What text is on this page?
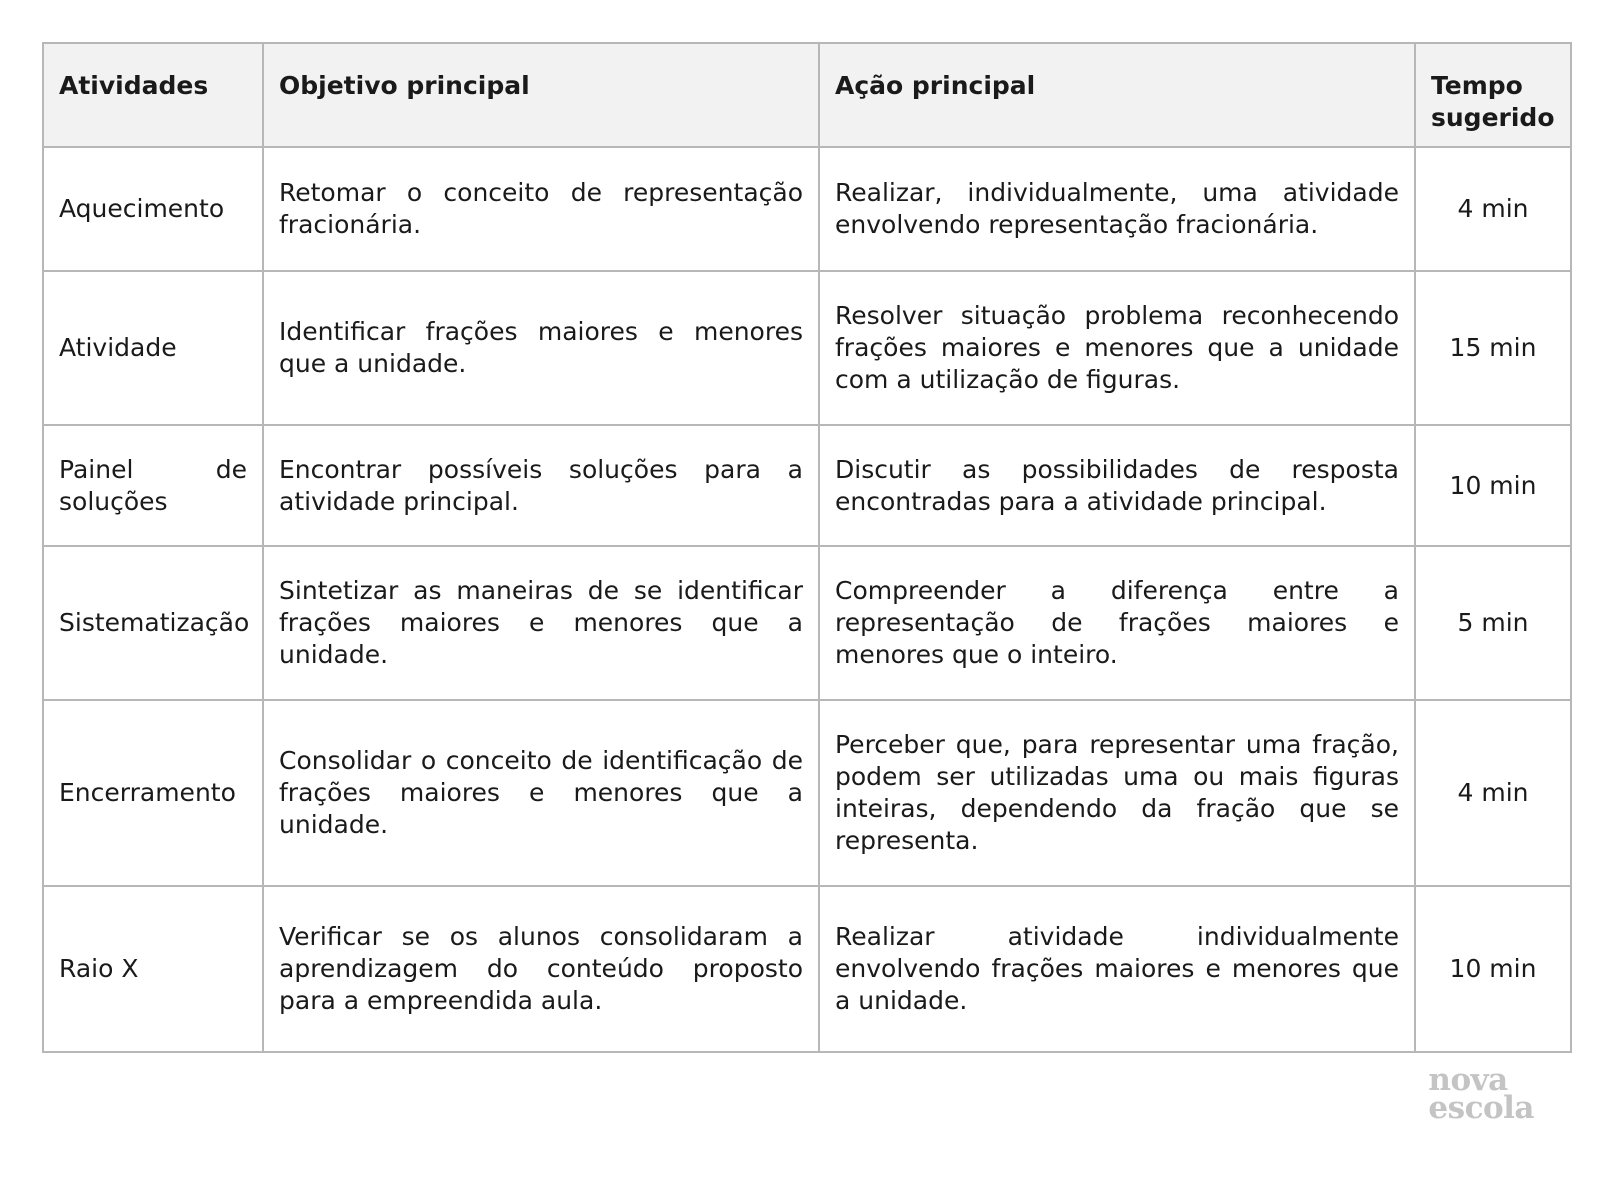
Atividades	Objetivo principal	Ação principal	Tempo sugerido

Aquecimento	Retomar o conceito de representação fracionária.	Realizar, individualmente, uma atividade envolvendo representação fracionária.	4 min

Atividade	Identificar frações maiores e menores que a unidade.	Resolver situação problema reconhecendo frações maiores e menores que a unidade com a utilização de figuras.	15 min

Painel de soluções	Encontrar possíveis soluções para a atividade principal.	Discutir as possibilidades de resposta encontradas para a atividade principal.	10 min

Sistematização	Sintetizar as maneiras de se identificar frações maiores e menores que a unidade.	Compreender a diferença entre a representação de frações maiores e menores que o inteiro.	5 min

Encerramento	Consolidar o conceito de identificação de frações maiores e menores que a unidade.	Perceber que, para representar uma fração, podem ser utilizadas uma ou mais figuras inteiras, dependendo da fração que se representa.	4 min

Raio X	Verificar se os alunos consolidaram a aprendizagem do conteúdo proposto para a empreendida aula.	Realizar atividade individualmente envolvendo frações maiores e menores que a unidade.	10 min
nova
escola
